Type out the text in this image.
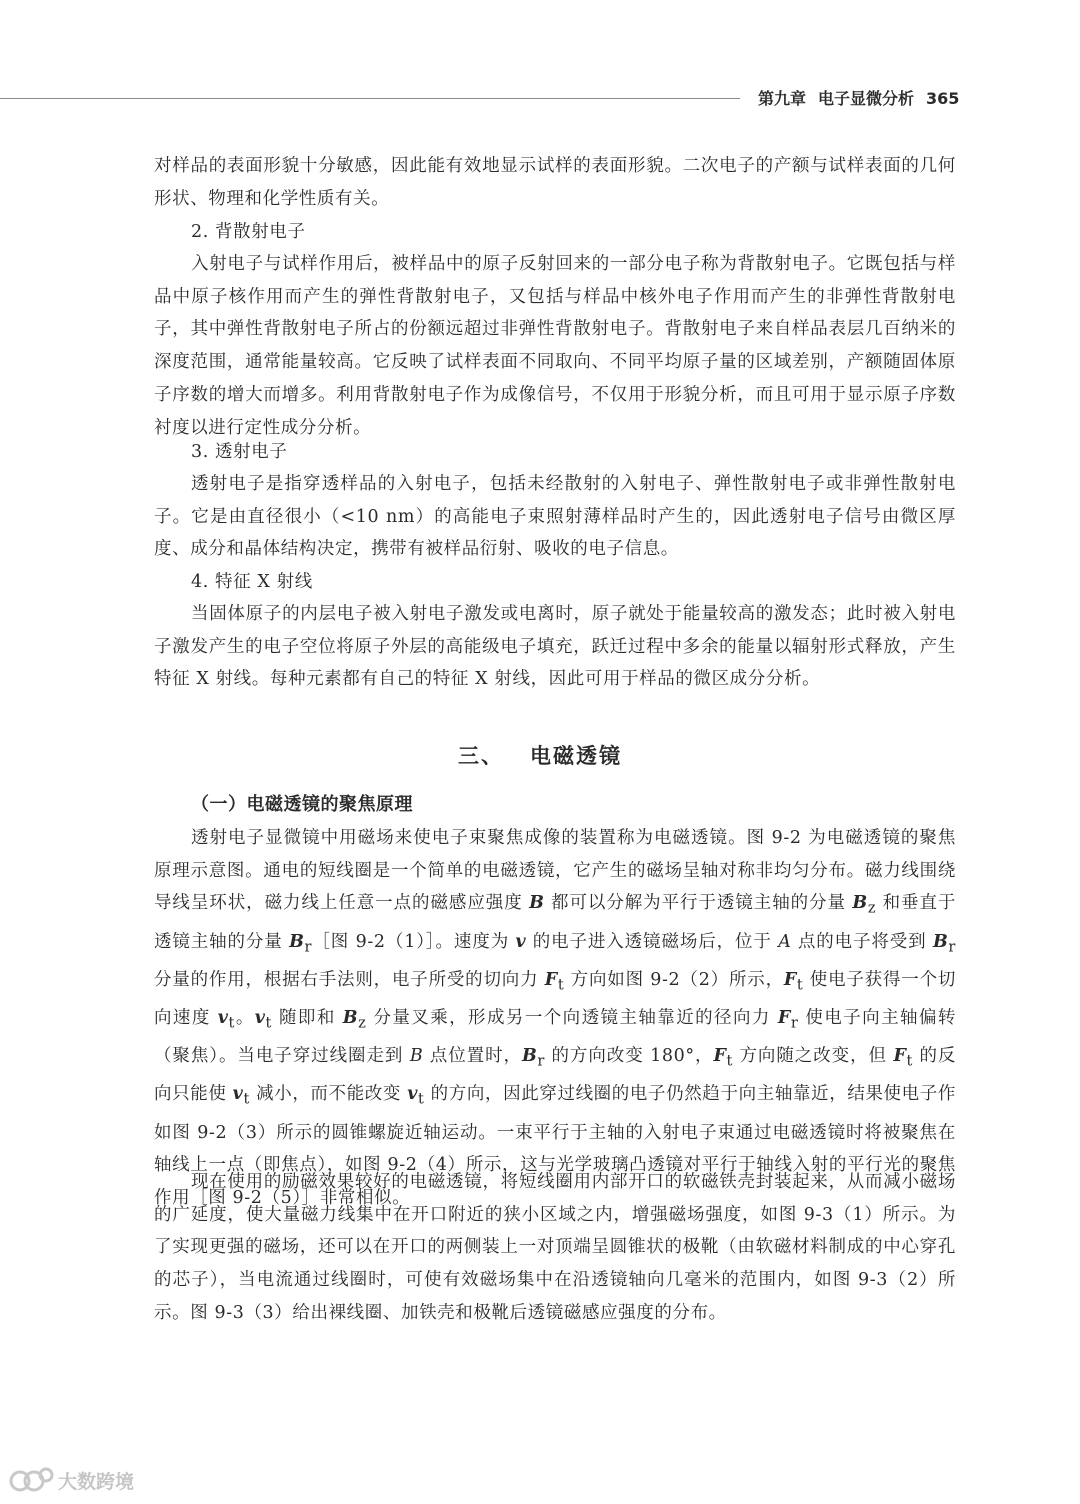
第九章 电子显微分析 365

对样品的表面形貌十分敏感，因此能有效地显示试样的表面形貌。二次电子的产额与试样表面的几何形状、物理和化学性质有关。

2. 背散射电子

入射电子与试样作用后，被样品中的原子反射回来的一部分电子称为背散射电子。它既包括与样品中原子核作用而产生的弹性背散射电子，又包括与样品中核外电子作用而产生的非弹性背散射电子，其中弹性背散射电子所占的份额远超过非弹性背散射电子。背散射电子来自样品表层几百纳米的深度范围，通常能量较高。它反映了试样表面不同取向、不同平均原子量的区域差别，产额随固体原子序数的增大而增多。利用背散射电子作为成像信号，不仅用于形貌分析，而且可用于显示原子序数衬度以进行定性成分分析。

3. 透射电子

透射电子是指穿透样品的入射电子，包括未经散射的入射电子、弹性散射电子或非弹性散射电子。它是由直径很小（<10 nm）的高能电子束照射薄样品时产生的，因此透射电子信号由微区厚度、成分和晶体结构决定，携带有被样品衍射、吸收的电子信息。

4. 特征 X 射线

当固体原子的内层电子被入射电子激发或电离时，原子就处于能量较高的激发态；此时被入射电子激发产生的电子空位将原子外层的高能级电子填充，跃迁过程中多余的能量以辐射形式释放，产生特征 X 射线。每种元素都有自己的特征 X 射线，因此可用于样品的微区成分分析。

三、 电磁透镜
（一）电磁透镜的聚焦原理

透射电子显微镜中用磁场来使电子束聚焦成像的装置称为电磁透镜。图 9-2 为电磁透镜的聚焦原理示意图。通电的短线圈是一个简单的电磁透镜，它产生的磁场呈轴对称非均匀分布。磁力线围绕导线呈环状，磁力线上任意一点的磁感应强度 B 都可以分解为平行于透镜主轴的分量 $B_z$ 和垂直于透镜主轴的分量 $B_r[$图 9-2（1）］。速度为 v 的电子进入透镜磁场后，位于 A 点的电子将受到 $B_r$ 分量的作用，根据右手法则，电子所受的切向力 $F_t$ 方向如图 9-2（2）所示，$F_t$ 使电子获得一个切向速度 $v_t$。$v_t$ 随即和 $B_z$ 分量叉乘，形成另一个向透镜主轴靠近的径向力 $F_r$ 使电子向主轴偏转（聚焦）。当电子穿过线圈走到 B 点位置时，$B_r$ 的方向改变 180°，$F_t$ 方向随之改变，但 $F_t$ 的反向只能使 $v_t$ 减小，而不能改变 $v_t$ 的方向，因此穿过线圈的电子仍然趋于向主轴靠近，结果使电子作如图 9-2（3）所示的圆锥螺旋近轴运动。一束平行于主轴的入射电子束通过电磁透镜时将被聚焦在轴线上一点（即焦点），如图 9-2（4）所示，这与光学玻璃凸透镜对平行于轴线入射的平行光的聚焦作用［图 9-2（5）］非常相似。

现在使用的励磁效果较好的电磁透镜，将短线圈用内部开口的软磁铁壳封装起来，从而减小磁场的广延度，使大量磁力线集中在开口附近的狭小区域之内，增强磁场强度，如图 9-3（1）所示。为了实现更强的磁场，还可以在开口的两侧装上一对顶端呈圆锥状的极靴（由软磁材料制成的中心穿孔的芯子），当电流通过线圈时，可使有效磁场集中在沿透镜轴向几毫米的范围内，如图 9-3（2）所示。图 9-3（3）给出裸线圈、加铁壳和极靴后透镜磁感应强度的分布。

大数跨境
